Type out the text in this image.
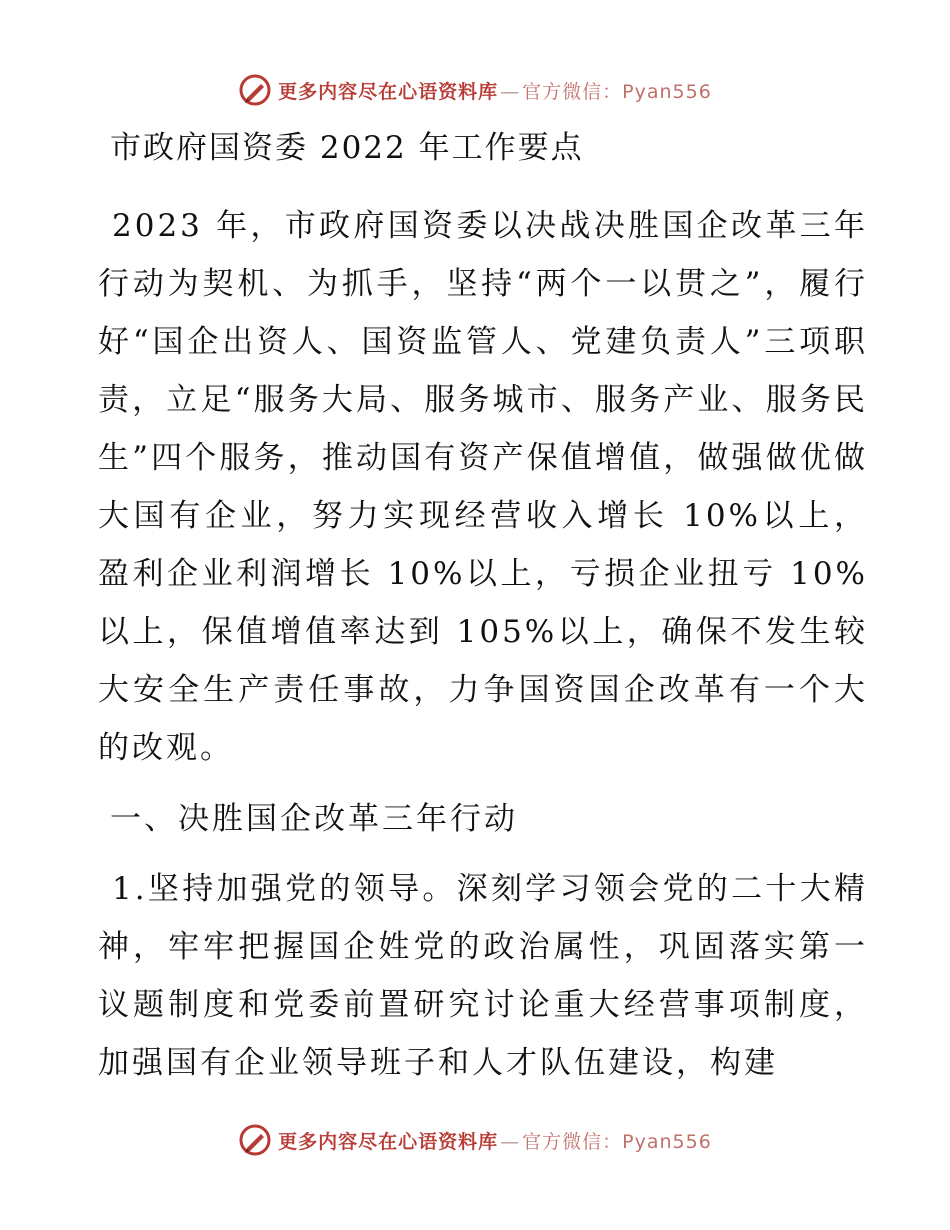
更多内容尽在心语资料库 — 官方微信：Pyan556
市政府国资委 2022 年工作要点

2023 年，市政府国资委以决战决胜国企改革三年行动为契机、为抓手，坚持“两个一以贯之”，履行好“国企出资人、国资监管人、党建负责人”三项职责，立足“服务大局、服务城市、服务产业、服务民生”四个服务，推动国有资产保值增值，做强做优做大国有企业，努力实现经营收入增长 10%以上，盈利企业利润增长 10%以上，亏损企业扭亏 10%以上，保值增值率达到 105%以上，确保不发生较大安全生产责任事故，力争国资国企改革有一个大的改观。

一、决胜国企改革三年行动

1.坚持加强党的领导。深刻学习领会党的二十大精神，牢牢把握国企姓党的政治属性，巩固落实第一议题制度和党委前置研究讨论重大经营事项制度，加强国有企业领导班子和人才队伍建设，构建

更多内容尽在心语资料库 — 官方微信：Pyan556
